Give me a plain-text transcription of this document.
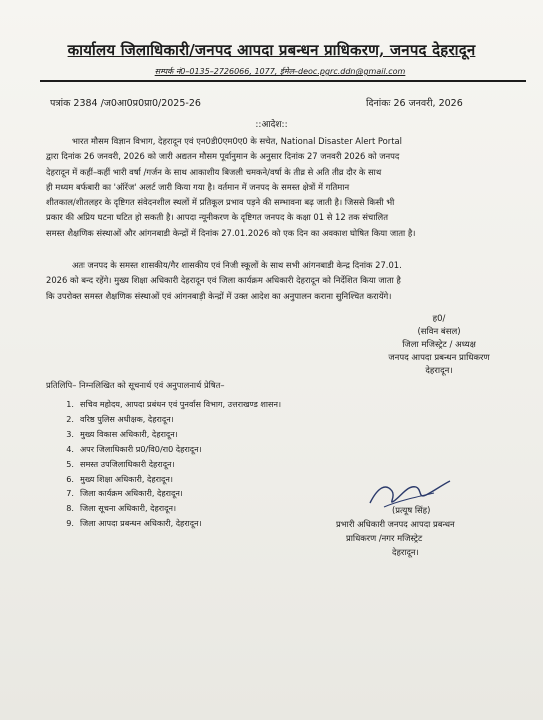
कार्यालय जिलाधिकारी/जनपद आपदा प्रबन्धन प्राधिकरण, जनपद देहरादून
सम्पर्क नं0–0135–2726066, 1077, ईमेल–deoc.pgrc.ddn@gmail.com
पत्रांक 2384 /ज0आ0प्र0प्रा0/2025-26	दिनांकः 26 जनवरी, 2026
::आदेश::
भारत मौसम विज्ञान विभाग, देहरादून एवं एन0डी0एम0ए0 के सचेत, National Disaster Alert Portal
द्वारा दिनांक 26 जनवरी, 2026 को जारी अद्यतन मौसम पूर्वानुमान के अनुसार दिनांक 27 जनवरी 2026 को जनपद
देहरादून में कहीं–कहीं भारी वर्षा /गर्जन के साथ आकाशीय बिजली चमकने/वर्षा के तीव्र से अति तीव्र दौर के साथ
ही मध्यम बर्फबारी का 'ऑरेंज' अलर्ट जारी किया गया है। वर्तमान में जनपद के समस्त क्षेत्रों में गतिमान
शीतकाल/शीतलहर के दृष्टिगत संवेदनशील स्थलों में प्रतिकूल प्रभाव पड़ने की सम्भावना बढ़ जाती है। जिससे किसी भी
प्रकार की अप्रिय घटना घटित हो सकती है। आपदा न्यूनीकरण के दृष्टिगत जनपद के कक्षा 01 से 12 तक संचालित
समस्त शैक्षणिक संस्थाओं और आंगनबाडी केन्द्रों में दिनांक 27.01.2026 को एक दिन का अवकाश घोषित किया जाता है।
अतः जनपद के समस्त शासकीय/गैर शासकीय एवं निजी स्कूलों के साथ सभी आंगनबाडी केन्द्र दिनांक 27.01.
2026 को बन्द रहेंगे। मुख्य शिक्षा अधिकारी देहरादून एवं जिला कार्यक्रम अधिकारी देहरादून को निर्देशित किया जाता है
कि उपरोक्त समस्त शैक्षणिक संस्थाओं एवं आंगनबाड़ी केन्द्रों में उक्त आदेश का अनुपालन कराना सुनिश्चित करायेंगे।
ह0/
(सविन बंसल)
जिला मजिस्ट्रेट / अध्यक्ष
जनपद आपदा प्रबन्धन प्राधिकरण
देहरादून।
प्रतिलिपि– निम्नलिखित को सूचनार्थ एवं अनुपालनार्थ प्रेषित–
1. सचिव महोदय, आपदा प्रबंधन एवं पुनर्वास विभाग, उत्तराखण्ड शासन।
2. वरिष्ठ पुलिस अधीक्षक, देहरादून।
3. मुख्य विकास अधिकारी, देहरादून।
4. अपर जिलाधिकारी प्र0/वि0/रा0 देहरादून।
5. समस्त उपजिलाधिकारी देहरादून।
6. मुख्य शिक्षा अधिकारी, देहरादून।
7. जिला कार्यक्रम अधिकारी, देहरादून।
8. जिला सूचना अधिकारी, देहरादून।
9. जिला आपदा प्रबन्धन अधिकारी, देहरादून।
(प्रत्यूष सिंह)
प्रभारी अधिकारी जनपद आपदा प्रबन्धन
प्राधिकरण /नगर मजिस्ट्रेट
देहरादून।
